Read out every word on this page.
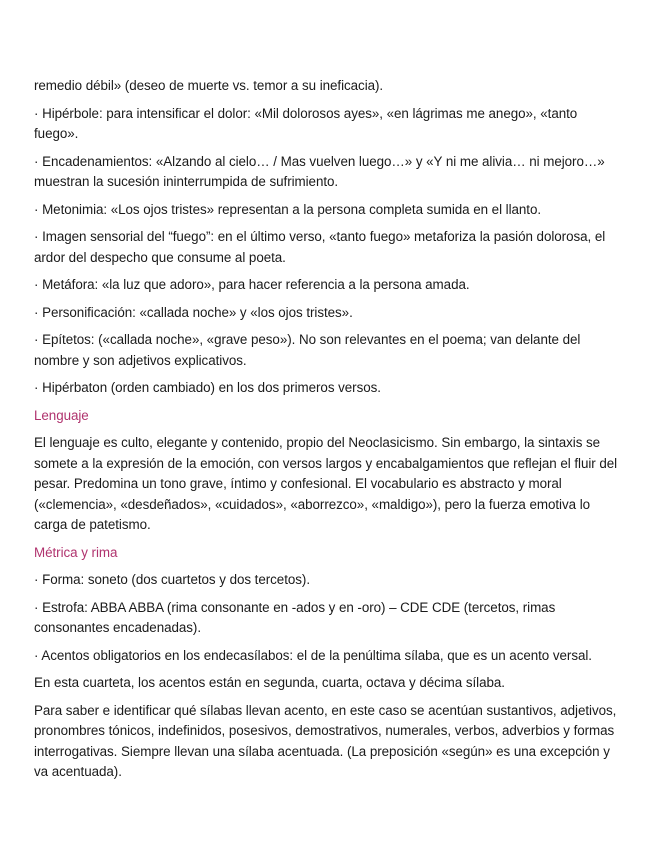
remedio débil» (deseo de muerte vs. temor a su ineficacia).

· Hipérbole: para intensificar el dolor: «Mil dolorosos ayes», «en lágrimas me anego», «tanto fuego».

· Encadenamientos: «Alzando al cielo… / Mas vuelven luego…» y «Y ni me alivia… ni mejoro…» muestran la sucesión ininterrumpida de sufrimiento.

· Metonimia: «Los ojos tristes» representan a la persona completa sumida en el llanto.

· Imagen sensorial del “fuego”: en el último verso, «tanto fuego» metaforiza la pasión dolorosa, el ardor del despecho que consume al poeta.

· Metáfora: «la luz que adoro», para hacer referencia a la persona amada.

· Personificación: «callada noche» y «los ojos tristes».

· Epítetos: («callada noche», «grave peso»). No son relevantes en el poema; van delante del nombre y son adjetivos explicativos.

· Hipérbaton (orden cambiado) en los dos primeros versos.

Lenguaje

El lenguaje es culto, elegante y contenido, propio del Neoclasicismo. Sin embargo, la sintaxis se somete a la expresión de la emoción, con versos largos y encabalgamientos que reflejan el fluir del pesar. Predomina un tono grave, íntimo y confesional. El vocabulario es abstracto y moral («clemencia», «desdeñados», «cuidados», «aborrezco», «maldigo»), pero la fuerza emotiva lo carga de patetismo.

Métrica y rima

· Forma: soneto (dos cuartetos y dos tercetos).

· Estrofa: ABBA ABBA (rima consonante en -ados y en -oro) – CDE CDE (tercetos, rimas consonantes encadenadas).

· Acentos obligatorios en los endecasílabos: el de la penúltima sílaba, que es un acento versal.

En esta cuarteta, los acentos están en segunda, cuarta, octava y décima sílaba.

Para saber e identificar qué sílabas llevan acento, en este caso se acentúan sustantivos, adjetivos, pronombres tónicos, indefinidos, posesivos, demostrativos, numerales, verbos, adverbios y formas interrogativas. Siempre llevan una sílaba acentuada. (La preposición «según» es una excepción y va acentuada).
